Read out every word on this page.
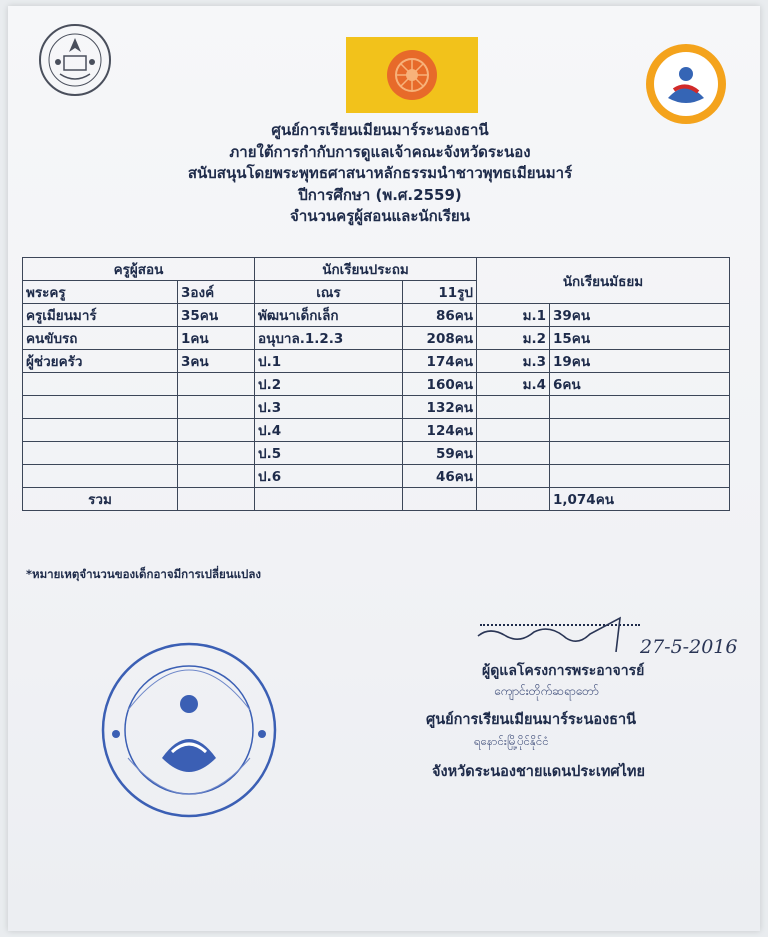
ศูนย์การเรียนเมียนมาร์ระนองธานี
ภายใต้การกำกับการดูแลเจ้าคณะจังหวัดระนอง
สนับสนุนโดยพระพุทธศาสนาหลักธรรมนำชาวพุทธเมียนมาร์
ปีการศึกษา (พ.ศ.2559)
จำนวนครูผู้สอนและนักเรียน
ครูผู้สอน		นักเรียนประถม		นักเรียนมัธยม	
พระครู	3องค์	เณร	11รูป		
ครูเมียนมาร์	35คน	พัฒนาเด็กเล็ก	86คน	ม.1	39คน
คนขับรถ	1คน	อนุบาล.1.2.3	208คน	ม.2	15คน
ผู้ช่วยครัว	3คน	ป.1	174คน	ม.3	19คน
		ป.2	160คน	ม.4	6คน
		ป.3	132คน		
		ป.4	124คน		
		ป.5	59คน		
		ป.6	46คน		
รวม					1,074คน
*หมายเหตุจำนวนของเด็กอาจมีการเปลี่ยนแปลง
27-5-2016
ผู้ดูแลโครงการพระอาจารย์
ကျောင်းတိုက်ဆရာတော်
ศูนย์การเรียนเมียนมาร์ระนองธานี
ရနောင်းမြို့ပိုင်နိုင်ငံ
จังหวัดระนองชายแดนประเทศไทย
